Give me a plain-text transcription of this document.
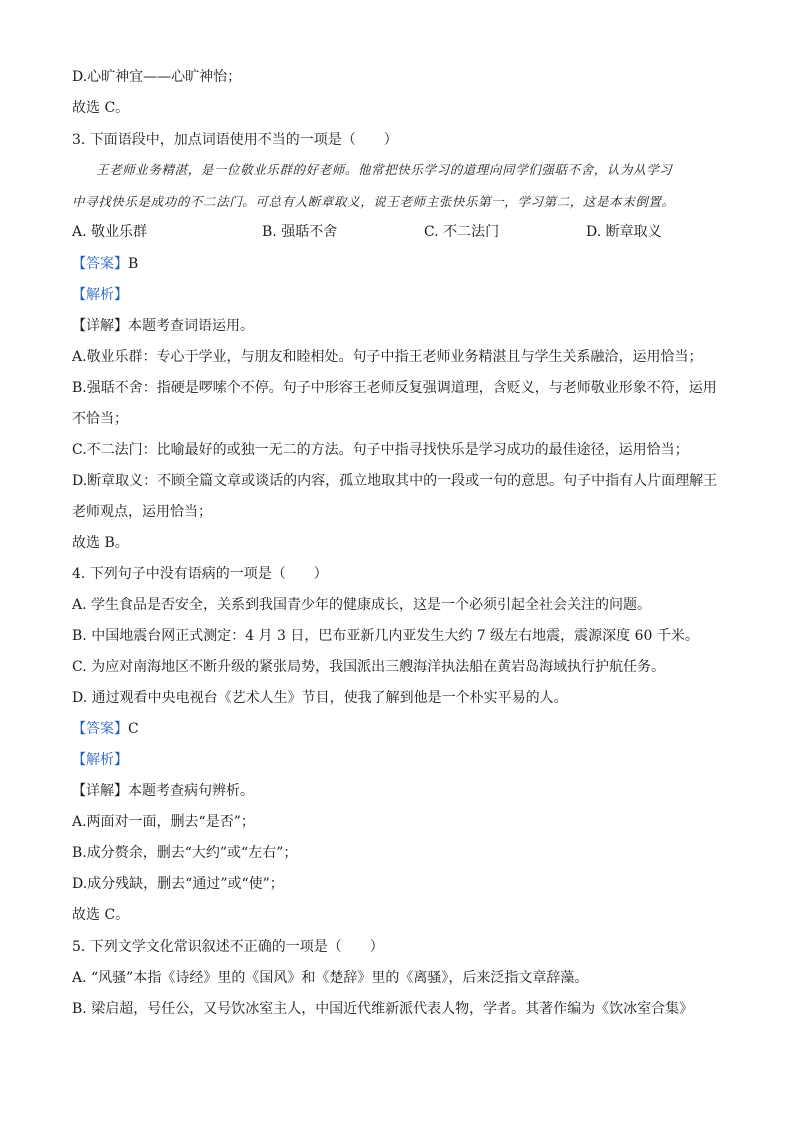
D.心旷神宜——心旷神怡；
故选 C。
3. 下面语段中，加点词语使用不当的一项是（　　）
王老师业务精湛，是一位敬业乐群的好老师。他常把快乐学习的道理向同学们强聒不舍，认为从学习
中寻找快乐是成功的不二法门。可总有人断章取义，说王老师主张快乐第一，学习第二，这是本末倒置。
A. 敬业乐群	B. 强聒不舍	C. 不二法门	D. 断章取义
【答案】B
【解析】
【详解】本题考查词语运用。
A.敬业乐群：专心于学业，与朋友和睦相处。句子中指王老师业务精湛且与学生关系融洽，运用恰当；
B.强聒不舍：指硬是啰嗦个不停。句子中形容王老师反复强调道理，含贬义，与老师敬业形象不符，运用
不恰当；
C.不二法门：比喻最好的或独一无二的方法。句子中指寻找快乐是学习成功的最佳途径，运用恰当；
D.断章取义：不顾全篇文章或谈话的内容，孤立地取其中的一段或一句的意思。句子中指有人片面理解王
老师观点，运用恰当；
故选 B。
4. 下列句子中没有语病的一项是（　　）
A. 学生食品是否安全，关系到我国青少年的健康成长，这是一个必须引起全社会关注的问题。
B. 中国地震台网正式测定：4 月 3 日，巴布亚新几内亚发生大约 7 级左右地震，震源深度 60 千米。
C. 为应对南海地区不断升级的紧张局势，我国派出三艘海洋执法船在黄岩岛海域执行护航任务。
D. 通过观看中央电视台《艺术人生》节目，使我了解到他是一个朴实平易的人。
【答案】C
【解析】
【详解】本题考查病句辨析。
A.两面对一面，删去“是否”；
B.成分赘余，删去“大约”或“左右”；
D.成分残缺，删去“通过”或“使”；
故选 C。
5. 下列文学文化常识叙述不正确的一项是（　　）
A. “风骚”本指《诗经》里的《国风》和《楚辞》里的《离骚》，后来泛指文章辞藻。
B. 梁启超，号任公，又号饮冰室主人，中国近代维新派代表人物，学者。其著作编为《饮冰室合集》
